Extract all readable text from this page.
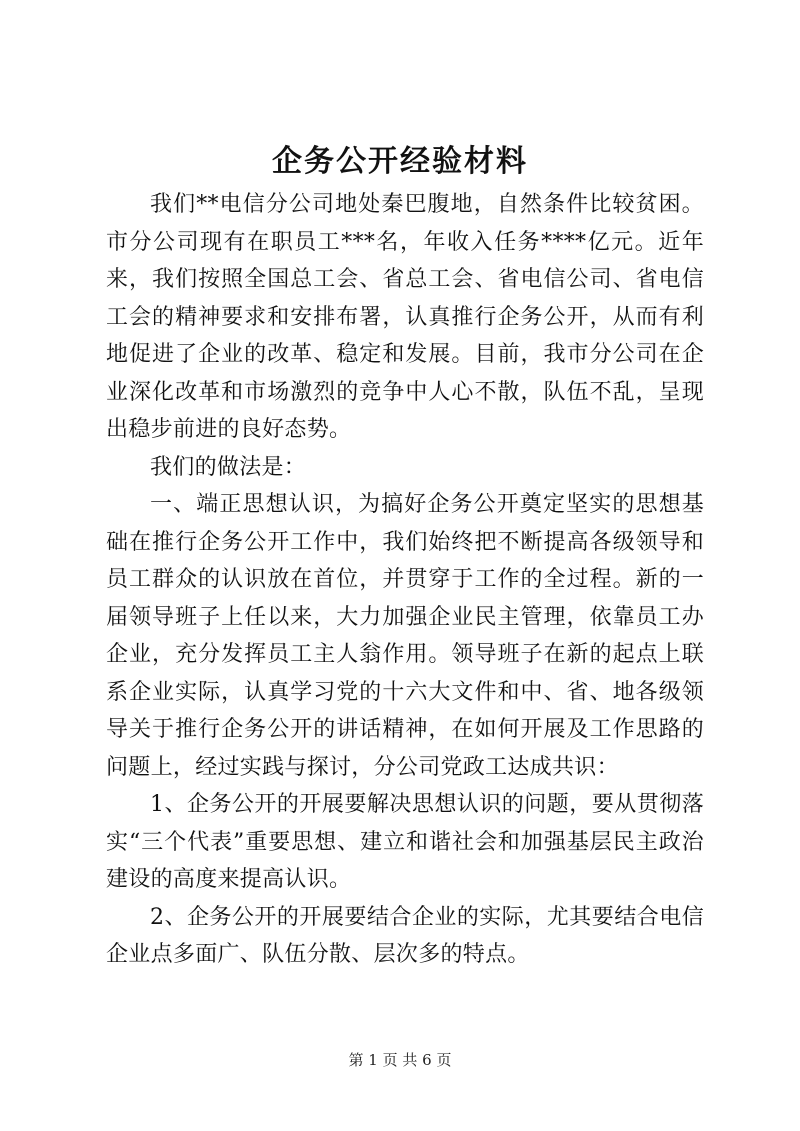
企务公开经验材料

我们**电信分公司地处秦巴腹地，自然条件比较贫困。市分公司现有在职员工***名，年收入任务****亿元。近年来，我们按照全国总工会、省总工会、省电信公司、省电信工会的精神要求和安排布署，认真推行企务公开，从而有利地促进了企业的改革、稳定和发展。目前，我市分公司在企业深化改革和市场激烈的竞争中人心不散，队伍不乱，呈现出稳步前进的良好态势。

我们的做法是：

一、端正思想认识，为搞好企务公开奠定坚实的思想基础在推行企务公开工作中，我们始终把不断提高各级领导和员工群众的认识放在首位，并贯穿于工作的全过程。新的一届领导班子上任以来，大力加强企业民主管理，依靠员工办企业，充分发挥员工主人翁作用。领导班子在新的起点上联系企业实际，认真学习党的十六大文件和中、省、地各级领导关于推行企务公开的讲话精神，在如何开展及工作思路的问题上，经过实践与探讨，分公司党政工达成共识：

1、企务公开的开展要解决思想认识的问题，要从贯彻落实“三个代表”重要思想、建立和谐社会和加强基层民主政治建设的高度来提高认识。

2、企务公开的开展要结合企业的实际，尤其要结合电信企业点多面广、队伍分散、层次多的特点。

第 1 页 共 6 页
